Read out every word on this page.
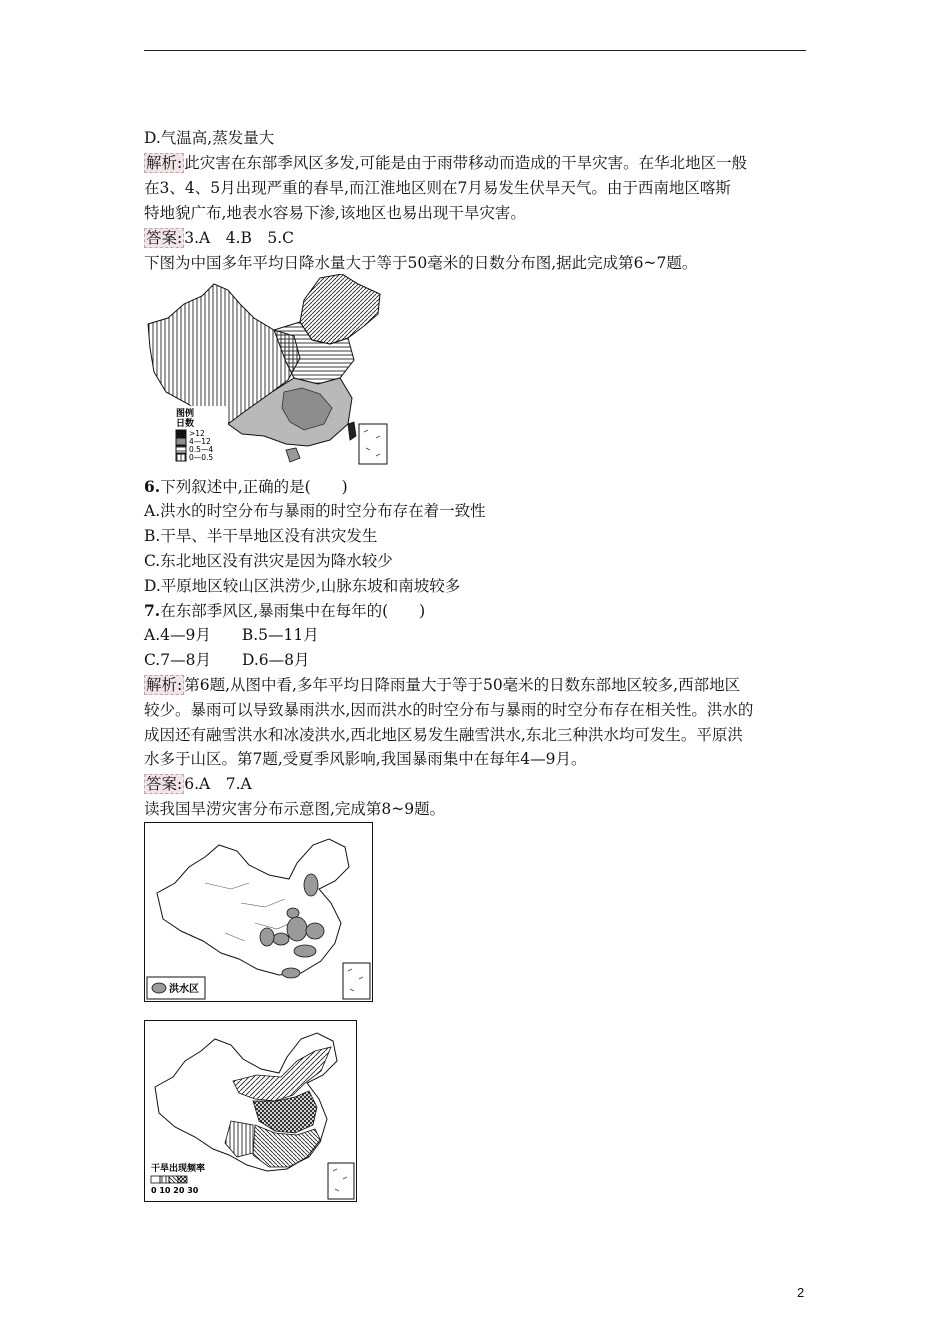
D.气温高,蒸发量大
解析: 此灾害在东部季风区多发,可能是由于雨带移动而造成的干旱灾害。在华北地区一般
在3、4、5月出现严重的春旱,而江淮地区则在7月易发生伏旱天气。由于西南地区喀斯
特地貌广布,地表水容易下渗,该地区也易出现干旱灾害。
答案: 3.A　4.B　5.C
下图为中国多年平均日降水量大于等于50毫米的日数分布图,据此完成第6~7题。
图例
日数
>12
4—12
0.5—4
0—0.5
6.下列叙述中,正确的是(　　)
A.洪水的时空分布与暴雨的时空分布存在着一致性
B.干旱、半干旱地区没有洪灾发生
C.东北地区没有洪灾是因为降水较少
D.平原地区较山区洪涝少,山脉东坡和南坡较多
7.在东部季风区,暴雨集中在每年的(　　)
A.4—9月　　B.5—11月
C.7—8月　　D.6—8月
解析: 第6题,从图中看,多年平均日降雨量大于等于50毫米的日数东部地区较多,西部地区
较少。暴雨可以导致暴雨洪水,因而洪水的时空分布与暴雨的时空分布存在相关性。洪水的
成因还有融雪洪水和冰凌洪水,西北地区易发生融雪洪水,东北三种洪水均可发生。平原洪
水多于山区。第7题,受夏季风影响,我国暴雨集中在每年4—9月。
答案: 6.A　7.A
读我国旱涝灾害分布示意图,完成第8~9题。
洪水区
干旱出现频率
0 10 20 30
2
